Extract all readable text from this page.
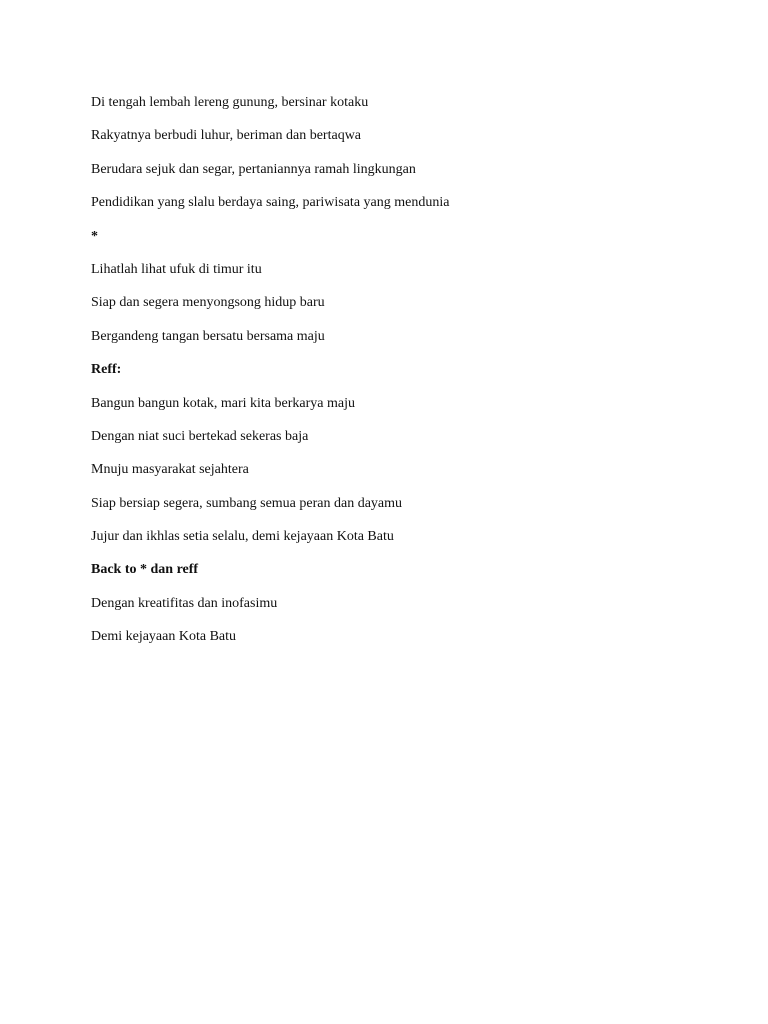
Di tengah lembah lereng gunung, bersinar kotaku

Rakyatnya berbudi luhur, beriman dan bertaqwa

Berudara sejuk dan segar, pertaniannya ramah lingkungan

Pendidikan yang slalu berdaya saing, pariwisata yang mendunia

*

Lihatlah lihat ufuk di timur itu

Siap dan segera menyongsong hidup baru

Bergandeng tangan bersatu bersama maju

Reff:

Bangun bangun kotak, mari kita berkarya maju

Dengan niat suci bertekad sekeras baja

Mnuju masyarakat sejahtera

Siap bersiap segera, sumbang semua peran dan dayamu

Jujur dan ikhlas setia selalu, demi kejayaan Kota Batu

Back to * dan reff

Dengan kreatifitas dan inofasimu

Demi kejayaan Kota Batu
